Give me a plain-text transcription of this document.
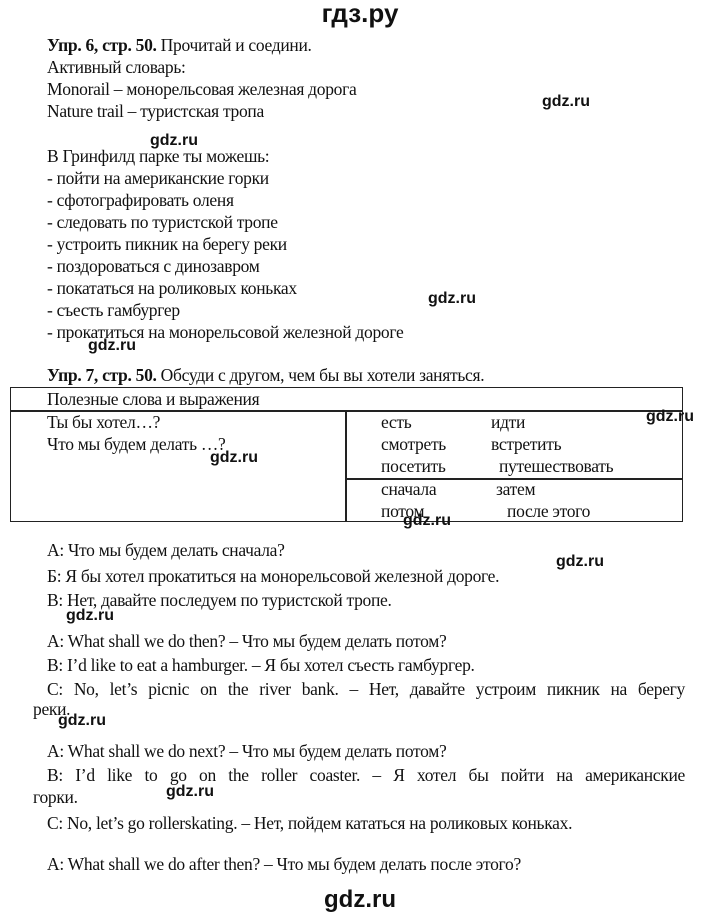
гдз.ру
Упр. 6, стр. 50. Прочитай и соедини.
Активный словарь:
Monorail – монорельсовая железная дорога
Nature trail – туристская тропа
В Гринфилд парке ты можешь:
- пойти на американские горки
- сфотографировать оленя
- следовать по туристской тропе
- устроить пикник на берегу реки
- поздороваться с динозавром
- покататься на роликовых коньках
- съесть гамбургер
- прокатиться на монорельсовой железной дороге
Упр. 7, стр. 50. Обсуди с другом, чем бы вы хотели заняться.
Полезные слова и выражения
Ты бы хотел…?
Что мы будем делать …?
есть	идти
смотреть	встретить
посетить	путешествовать
сначала	затем
потом	после этого
А: Что мы будем делать сначала?
Б: Я бы хотел прокатиться на монорельсовой железной дороге.
В: Нет, давайте последуем по туристской тропе.
A: What shall we do then? – Что мы будем делать потом?
B: I’d like to eat a hamburger. – Я бы хотел съесть гамбургер.
C: No, let’s picnic on the river bank. – Нет, давайте устроим пикник на берегу
реки.
A: What shall we do next? – Что мы будем делать потом?
B: I’d like to go on the roller coaster. – Я хотел бы пойти на американские
горки.
C: No, let’s go rollerskating. – Нет, пойдем кататься на роликовых коньках.
A: What shall we do after then? – Что мы будем делать после этого?
gdz.ru
gdz.ru
gdz.ru
gdz.ru
gdz.ru
gdz.ru
gdz.ru
gdz.ru
gdz.ru
gdz.ru
gdz.ru
gdz.ru
